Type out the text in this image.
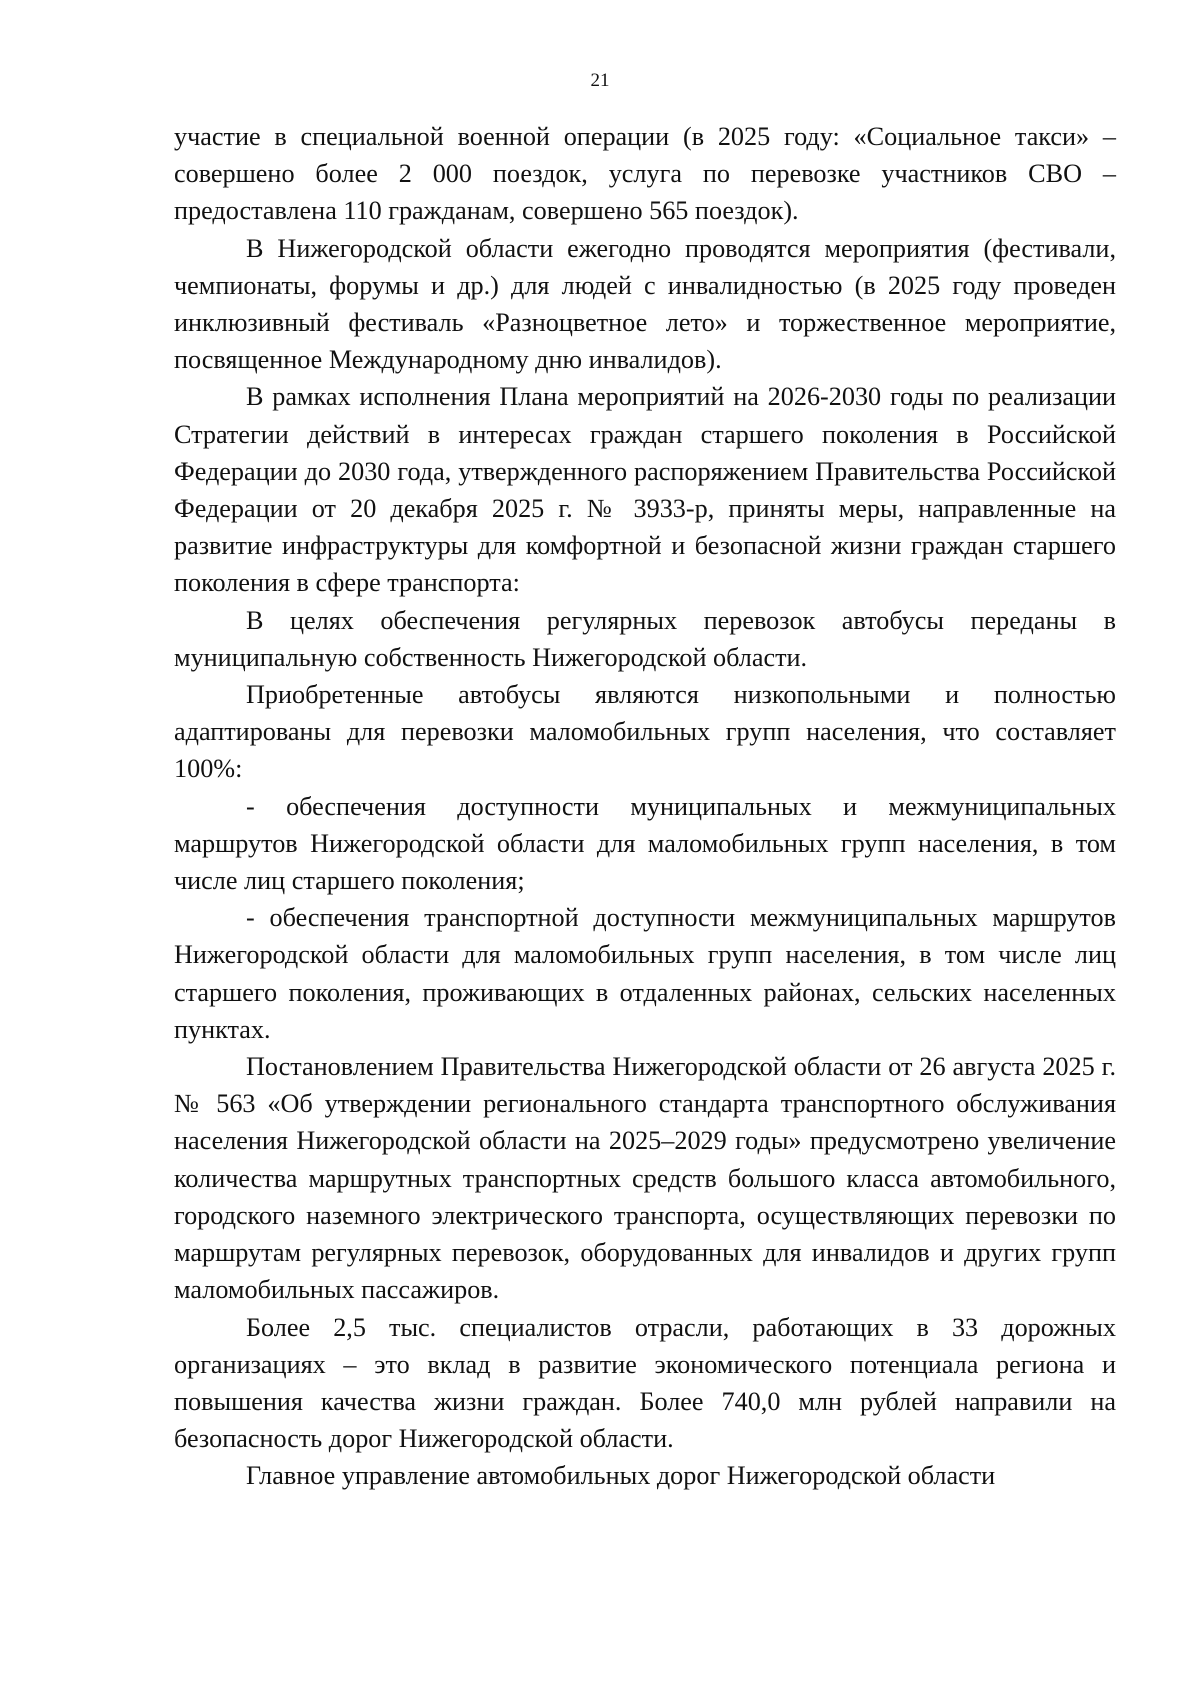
21

участие в специальной военной операции (в 2025 году: «Социальное такси» – совершено более 2 000 поездок, услуга по перевозке участников СВО – предоставлена 110 гражданам, совершено 565 поездок).

В Нижегородской области ежегодно проводятся мероприятия (фестивали, чемпионаты, форумы и др.) для людей с инвалидностью (в 2025 году проведен инклюзивный фестиваль «Разноцветное лето» и торжественное мероприятие, посвященное Международному дню инвалидов).

В рамках исполнения Плана мероприятий на 2026-2030 годы по реализации Стратегии действий в интересах граждан старшего поколения в Российской Федерации до 2030 года, утвержденного распоряжением Правительства Российской Федерации от 20 декабря 2025 г. № 3933-р, приняты меры, направленные на развитие инфраструктуры для комфортной и безопасной жизни граждан старшего поколения в сфере транспорта:

В целях обеспечения регулярных перевозок автобусы переданы в муниципальную собственность Нижегородской области.

Приобретенные автобусы являются низкопольными и полностью адаптированы для перевозки маломобильных групп населения, что составляет 100%:

- обеспечения доступности муниципальных и межмуниципальных маршрутов Нижегородской области для маломобильных групп населения, в том числе лиц старшего поколения;

- обеспечения транспортной доступности межмуниципальных маршрутов Нижегородской области для маломобильных групп населения, в том числе лиц старшего поколения, проживающих в отдаленных районах, сельских населенных пунктах.

Постановлением Правительства Нижегородской области от 26 августа 2025 г. № 563 «Об утверждении регионального стандарта транспортного обслуживания населения Нижегородской области на 2025–2029 годы» предусмотрено увеличение количества маршрутных транспортных средств большого класса автомобильного, городского наземного электрического транспорта, осуществляющих перевозки по маршрутам регулярных перевозок, оборудованных для инвалидов и других групп маломобильных пассажиров.

Более 2,5 тыс. специалистов отрасли, работающих в 33 дорожных организациях – это вклад в развитие экономического потенциала региона и повышения качества жизни граждан. Более 740,0 млн рублей направили на безопасность дорог Нижегородской области.

Главное управление автомобильных дорог Нижегородской области
